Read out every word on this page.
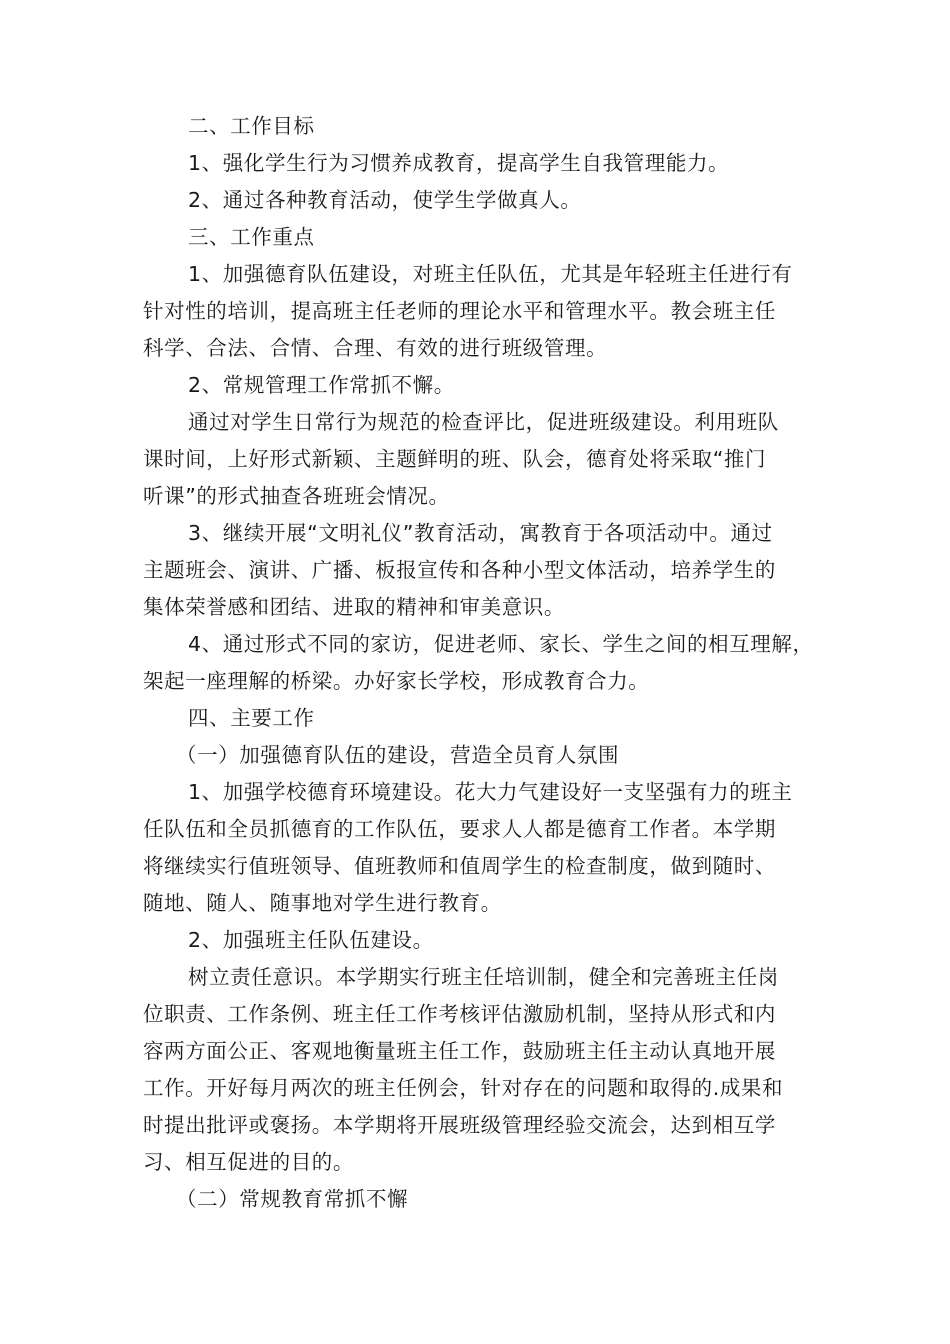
二、工作目标
1、强化学生行为习惯养成教育，提高学生自我管理能力。
2、通过各种教育活动，使学生学做真人。
三、工作重点
1、加强德育队伍建设，对班主任队伍，尤其是年轻班主任进行有
针对性的培训，提高班主任老师的理论水平和管理水平。教会班主任
科学、合法、合情、合理、有效的进行班级管理。
2、常规管理工作常抓不懈。
通过对学生日常行为规范的检查评比，促进班级建设。利用班队
课时间，上好形式新颖、主题鲜明的班、队会，德育处将采取“推门
听课”的形式抽查各班班会情况。
3、继续开展“文明礼仪”教育活动，寓教育于各项活动中。通过
主题班会、演讲、广播、板报宣传和各种小型文体活动，培养学生的
集体荣誉感和团结、进取的精神和审美意识。
4、通过形式不同的家访，促进老师、家长、学生之间的相互理解，
架起一座理解的桥梁。办好家长学校，形成教育合力。
四、主要工作
（一）加强德育队伍的建设，营造全员育人氛围
1、加强学校德育环境建设。花大力气建设好一支坚强有力的班主
任队伍和全员抓德育的工作队伍，要求人人都是德育工作者。本学期
将继续实行值班领导、值班教师和值周学生的检查制度，做到随时、
随地、随人、随事地对学生进行教育。
2、加强班主任队伍建设。
树立责任意识。本学期实行班主任培训制，健全和完善班主任岗
位职责、工作条例、班主任工作考核评估激励机制，坚持从形式和内
容两方面公正、客观地衡量班主任工作，鼓励班主任主动认真地开展
工作。开好每月两次的班主任例会，针对存在的问题和取得的.成果和
时提出批评或褒扬。本学期将开展班级管理经验交流会，达到相互学
习、相互促进的目的。
（二）常规教育常抓不懈
